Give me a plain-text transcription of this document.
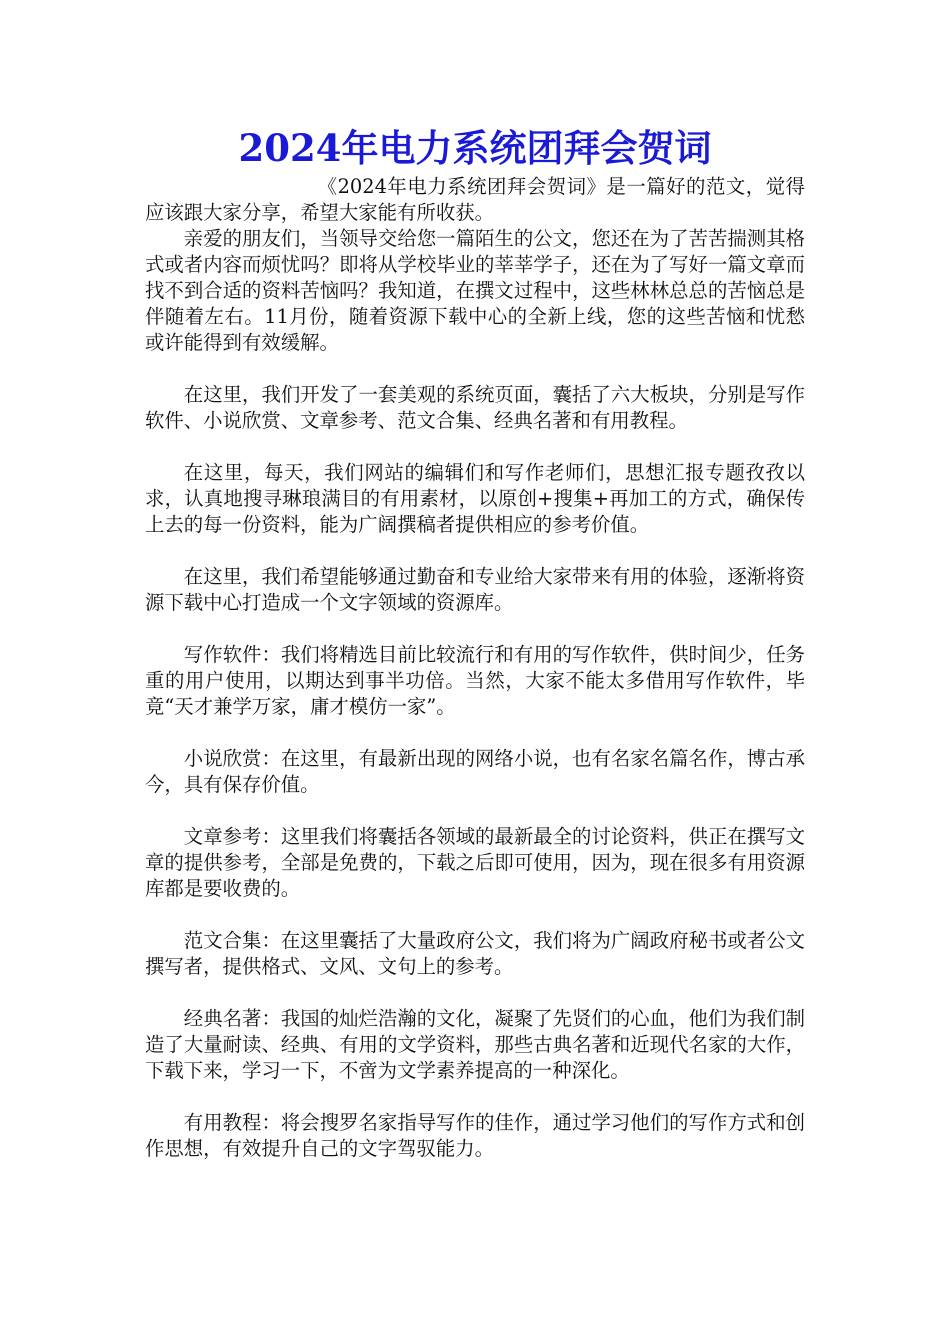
2024年电力系统团拜会贺词

《2024年电力系统团拜会贺词》是一篇好的范文，觉得应该跟大家分享，希望大家能有所收获。

亲爱的朋友们，当领导交给您一篇陌生的公文，您还在为了苦苦揣测其格式或者内容而烦忧吗？即将从学校毕业的莘莘学子，还在为了写好一篇文章而找不到合适的资料苦恼吗？我知道，在撰文过程中，这些林林总总的苦恼总是伴随着左右。11月份，随着资源下载中心的全新上线，您的这些苦恼和忧愁或许能得到有效缓解。

在这里，我们开发了一套美观的系统页面，囊括了六大板块，分别是写作软件、小说欣赏、文章参考、范文合集、经典名著和有用教程。

在这里，每天，我们网站的编辑们和写作老师们，思想汇报专题孜孜以求，认真地搜寻琳琅满目的有用素材，以原创+搜集+再加工的方式，确保传上去的每一份资料，能为广阔撰稿者提供相应的参考价值。

在这里，我们希望能够通过勤奋和专业给大家带来有用的体验，逐渐将资源下载中心打造成一个文字领域的资源库。

写作软件：我们将精选目前比较流行和有用的写作软件，供时间少，任务重的用户使用，以期达到事半功倍。当然，大家不能太多借用写作软件，毕竟“天才兼学万家，庸才模仿一家”。

小说欣赏：在这里，有最新出现的网络小说，也有名家名篇名作，博古承今，具有保存价值。

文章参考：这里我们将囊括各领域的最新最全的讨论资料，供正在撰写文章的提供参考，全部是免费的，下载之后即可使用，因为，现在很多有用资源库都是要收费的。

范文合集：在这里囊括了大量政府公文，我们将为广阔政府秘书或者公文撰写者，提供格式、文风、文句上的参考。

经典名著：我国的灿烂浩瀚的文化，凝聚了先贤们的心血，他们为我们制造了大量耐读、经典、有用的文学资料，那些古典名著和近现代名家的大作，下载下来，学习一下，不啻为文学素养提高的一种深化。

有用教程：将会搜罗名家指导写作的佳作，通过学习他们的写作方式和创作思想，有效提升自己的文字驾驭能力。
